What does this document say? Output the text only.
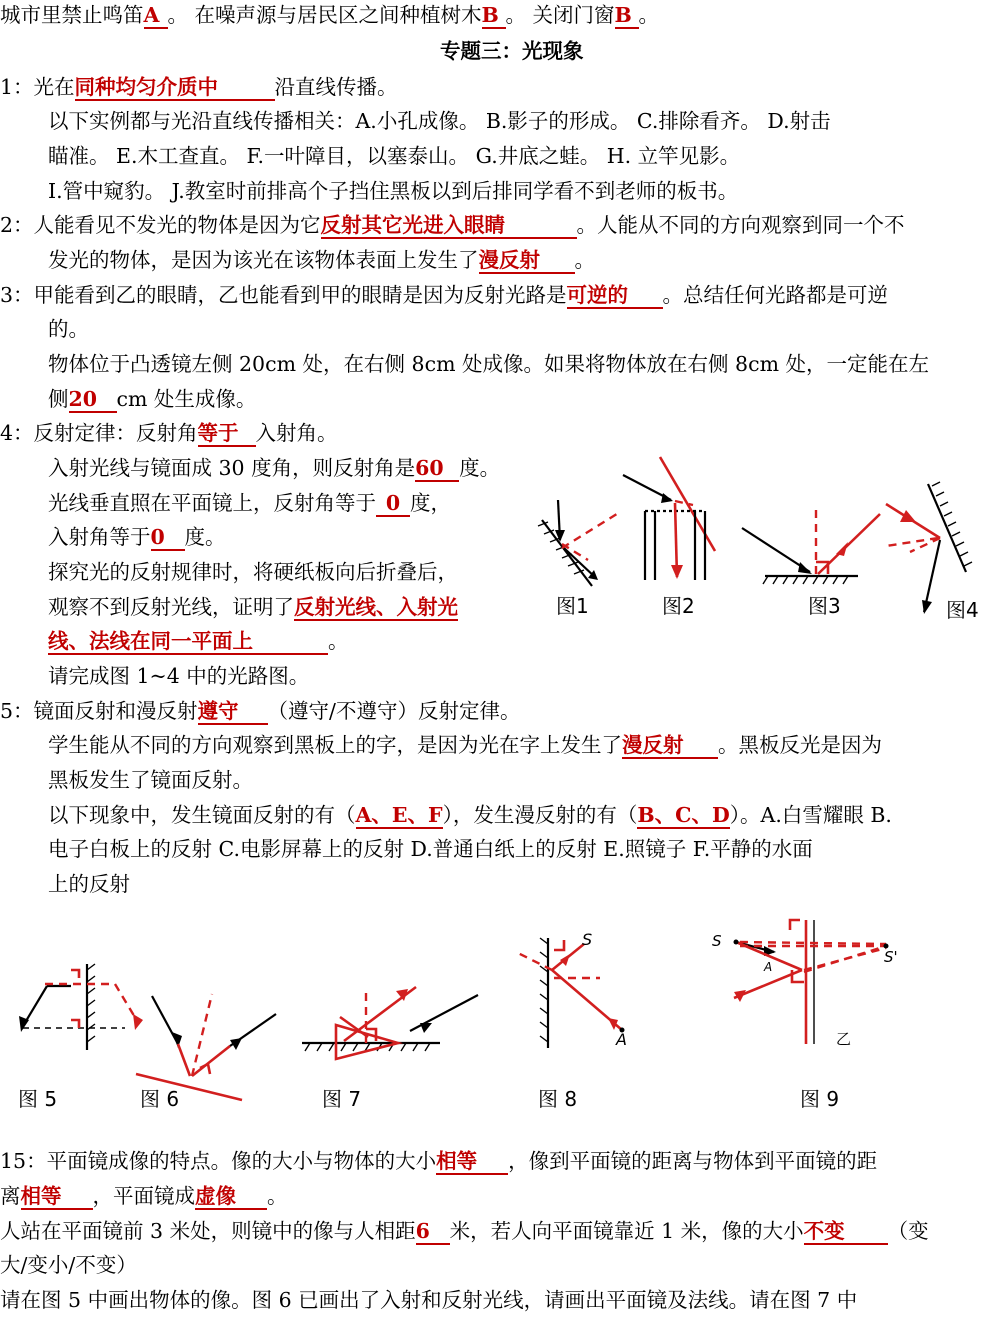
城市里禁止鸣笛A 。 在噪声源与居民区之间种植树木B 。 关闭门窗B 。
专题三：光现象
1：光在同种均匀介质中	沿直线传播。
以下实例都与光沿直线传播相关：A.小孔成像。 B.影子的形成。 C.排除看齐。 D.射击
瞄准。 E.木工查直。 F.一叶障目，以塞泰山。 G.井底之蛙。 H. 立竿见影。
I.管中窥豹。 J.教室时前排高个子挡住黑板以到后排同学看不到老师的板书。
2：人能看见不发光的物体是因为它反射其它光进入眼睛	。人能从不同的方向观察到同一个不
发光的物体，是因为该光在该物体表面上发生了漫反射 。
3：甲能看到乙的眼睛，乙也能看到甲的眼睛是因为反射光路是可逆的 。总结任何光路都是可逆
的。
物体位于凸透镜左侧 20cm 处，在右侧 8cm 处成像。如果将物体放在右侧 8cm 处，一定能在左
侧20 cm 处生成像。
4：反射定律：反射角等于 入射角。
入射光线与镜面成 30 度角，则反射角是60 度。
光线垂直照在平面镜上，反射角等于 0 度，
入射角等于0 度。
探究光的反射规律时，将硬纸板向后折叠后，
观察不到反射光线，证明了反射光线、入射光
线、法线在同一平面上	。
请完成图 1~4 中的光路图。
图1	图2	图3	图4
5：镜面反射和漫反射遵守 （遵守/不遵守）反射定律。
学生能从不同的方向观察到黑板上的字，是因为光在字上发生了漫反射 。黑板反光是因为
黑板发生了镜面反射。
以下现象中，发生镜面反射的有（A、E、F），发生漫反射的有（B、C、D）。A.白雪耀眼 B.
电子白板上的反射 C.电影屏幕上的反射 D.普通白纸上的反射 E.照镜子 F.平静的水面
上的反射
S
A
S
A
S'
乙
图 5	图 6	图 7	图 8	图 9
15：平面镜成像的特点。像的大小与物体的大小相等 ，像到平面镜的距离与物体到平面镜的距
离相等 ，平面镜成虚像 。
人站在平面镜前 3 米处，则镜中的像与人相距6 米，若人向平面镜靠近 1 米，像的大小不变 （变
大/变小/不变）
请在图 5 中画出物体的像。图 6 已画出了入射和反射光线，请画出平面镜及法线。请在图 7 中
